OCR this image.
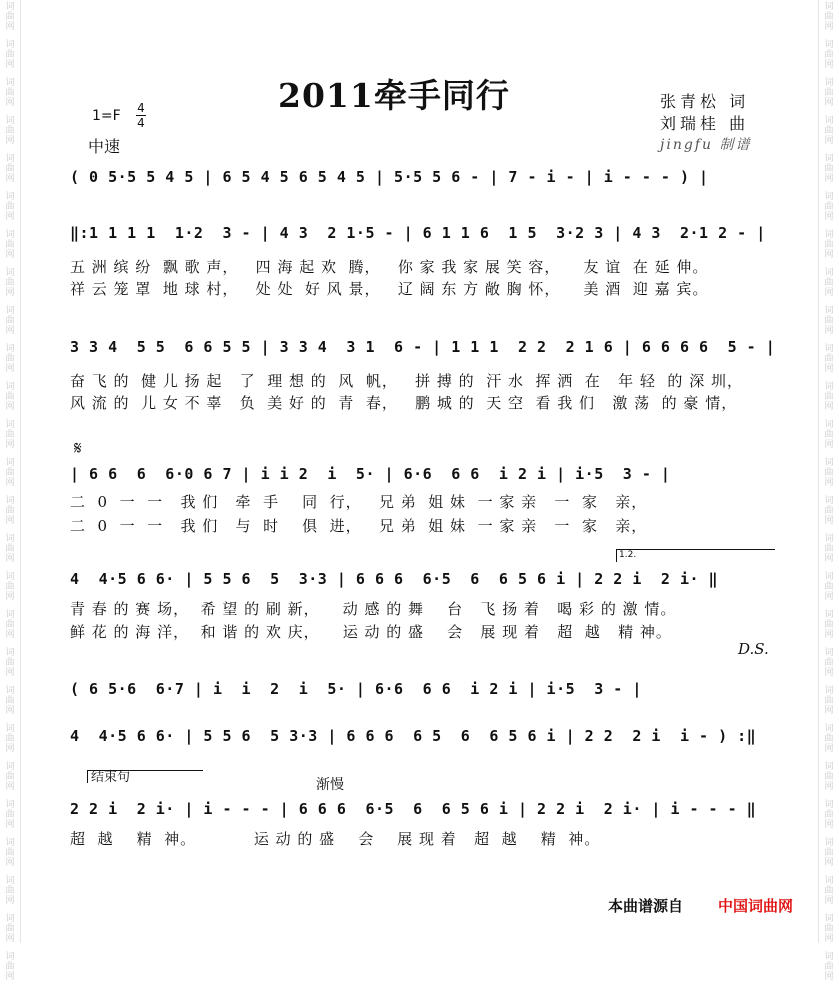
词
曲
网
词
曲
网
词
曲
网
词
曲
网
词
曲
网
词
曲
网
词
曲
网
词
曲
网
词
曲
网
词
曲
网
词
曲
网
词
曲
网
词
曲
网
词
曲
网
词
曲
网
词
曲
网
词
曲
网
词
曲
网
词
曲
网
词
曲
网
词
曲
网
词
曲
网
词
曲
网
词
曲
网
词
曲
网
词
曲
网
词
曲
网
词
曲
网
词
曲
网
词
曲
网
词
曲
网
词
曲
网
词
曲
网
词
曲
网
词
曲
网
词
曲
网
词
曲
网
词
曲
网
词
曲
网
词
曲
网
词
曲
网
词
曲
网
词
曲
网
词
曲
网
词
曲
网
词
曲
网
词
曲
网
词
曲
网
词
曲
网
词
曲
网
词
曲
网
词
曲
网
2011牵手同行
1=F 4
4
中速
张青松 词
刘瑞桂 曲
jingfu 制谱
( 0 5·5 5 4 5 | 6 5 4 5 6 5 4 5 | 5·5 5 6 - | 7 - i - | i - - - ) |
‖:1 1 1 1  1·2  3 - | 4 3  2 1·5 - | 6 1 1 6  1 5  3·2 3 | 4 3  2·1 2 - |
五 洲 缤 纷  飘 歌 声，   四 海 起 欢  腾，   你 家 我 家 展 笑 容，    友 谊  在 延 伸。
祥 云 笼 罩  地 球 村，   处 处  好 风 景，   辽 阔 东 方 敞 胸 怀，    美 酒  迎 嘉 宾。
3 3 4  5 5  6 6 5 5 | 3 3 4  3 1  6 - | 1 1 1  2 2  2 1 6 | 6 6 6 6  5 - |
奋 飞 的  健 儿 扬 起   了  理 想 的  风  帆，   拼 搏 的  汗 水  挥 洒  在   年 轻  的 深 圳，
风 流 的  儿 女 不 辜   负  美 好 的  青  春，   鹏 城 的  天 空  看 我 们   激 荡  的 豪 情，
𝄋
| 6 6  6  6·0 6 7 | i i 2  i  5· | 6·6  6 6  i 2 i | i·5  3 - |
二  0  一  一   我 们   牵  手    同  行，   兄 弟  姐 妹  一 家 亲   一  家   亲，
二  0  一  一   我 们   与  时    俱  进，   兄 弟  姐 妹  一 家 亲   一  家   亲，
1.2.
4  4·5 6 6· | 5 5 6  5  3·3 | 6 6 6  6·5  6  6 5 6 i | 2 2 i  2 i· ‖
青 春 的 赛 场，  希 望 的 刷 新，    动 感 的 舞    台   飞 扬 着   喝 彩 的 激 情。
鲜 花 的 海 洋，  和 谐 的 欢 庆，    运 动 的 盛    会   展 现 着   超  越   精 神。
D.S.
( 6 5·6  6·7 | i  i  2  i  5· | 6·6  6 6  i 2 i | i·5  3 - |
4  4·5 6 6· | 5 5 6  5 3·3 | 6 6 6  6 5  6  6 5 6 i | 2 2  2 i  i - ) :‖
结束句	渐慢
2 2 i  2 i· | i - - - | 6 6 6  6·5  6  6 5 6 i | 2 2 i  2 i· | i - - - ‖
超  越    精  神。          运 动 的 盛    会    展 现 着   超  越    精  神。
本曲谱源自 中国词曲网
